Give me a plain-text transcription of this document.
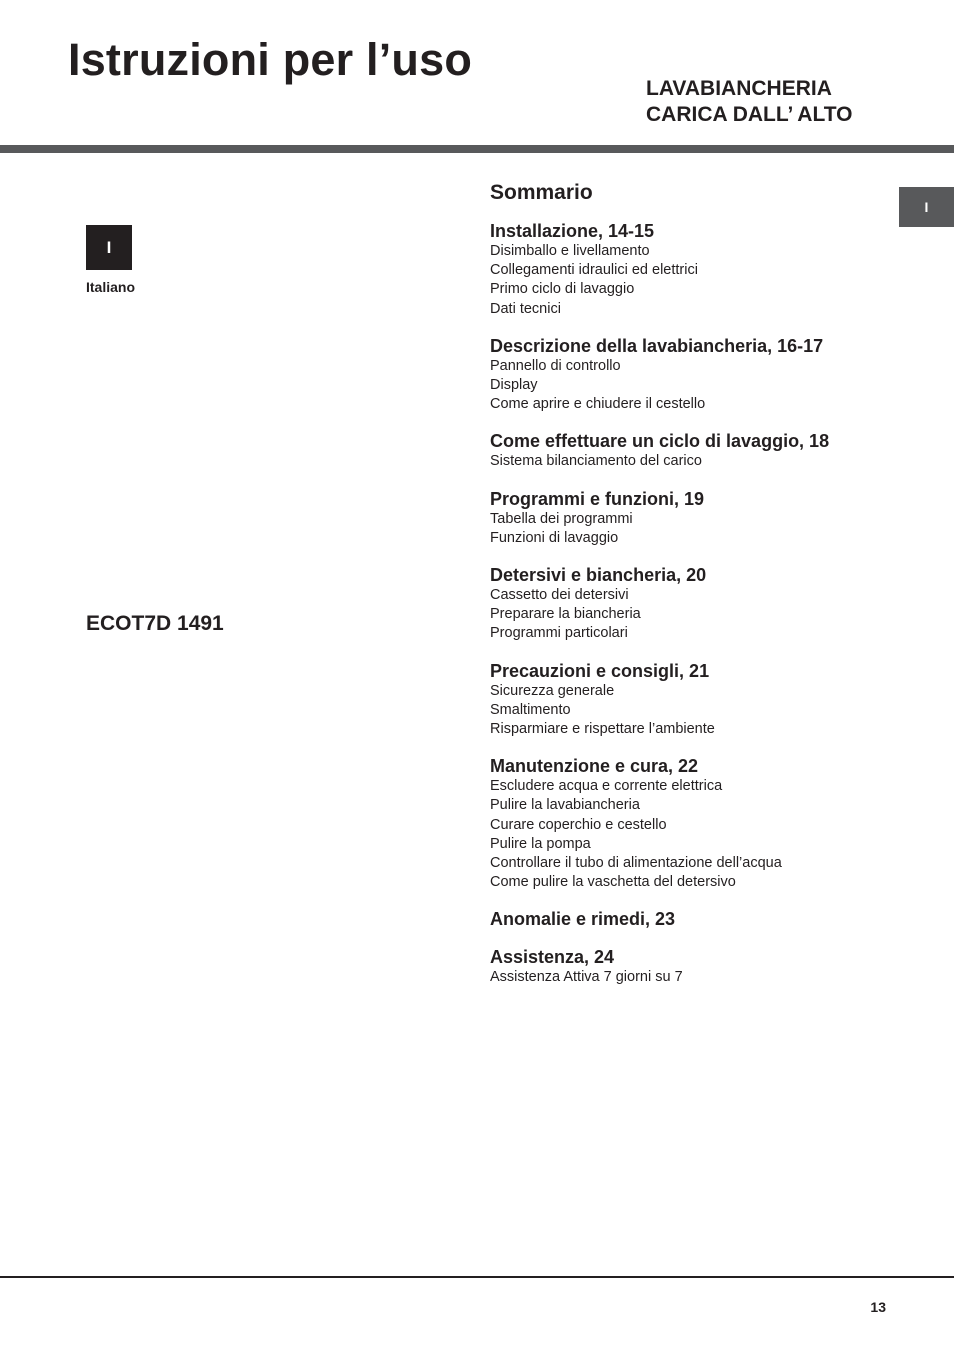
Istruzioni per l’uso
LAVABIANCHERIA
CARICA DALL’ ALTO
I
Italiano
ECOT7D 1491
I
Sommario
Installazione, 14-15
Disimballo e livellamento
Collegamenti idraulici ed elettrici
Primo ciclo di lavaggio
Dati tecnici
Descrizione della lavabiancheria, 16-17
Pannello di controllo
Display
Come aprire e chiudere il cestello
Come effettuare un ciclo di lavaggio, 18
Sistema bilanciamento del carico
Programmi e funzioni, 19
Tabella dei programmi
Funzioni di lavaggio
Detersivi e biancheria, 20
Cassetto dei detersivi
Preparare la biancheria
Programmi particolari
Precauzioni e consigli, 21
Sicurezza generale
Smaltimento
Risparmiare e rispettare l’ambiente
Manutenzione e cura, 22
Escludere acqua e corrente elettrica
Pulire la lavabiancheria
Curare coperchio e cestello
Pulire la pompa
Controllare il tubo di alimentazione dell’acqua
Come pulire la vaschetta del detersivo
Anomalie e rimedi, 23
Assistenza, 24
Assistenza Attiva 7 giorni su 7
13
